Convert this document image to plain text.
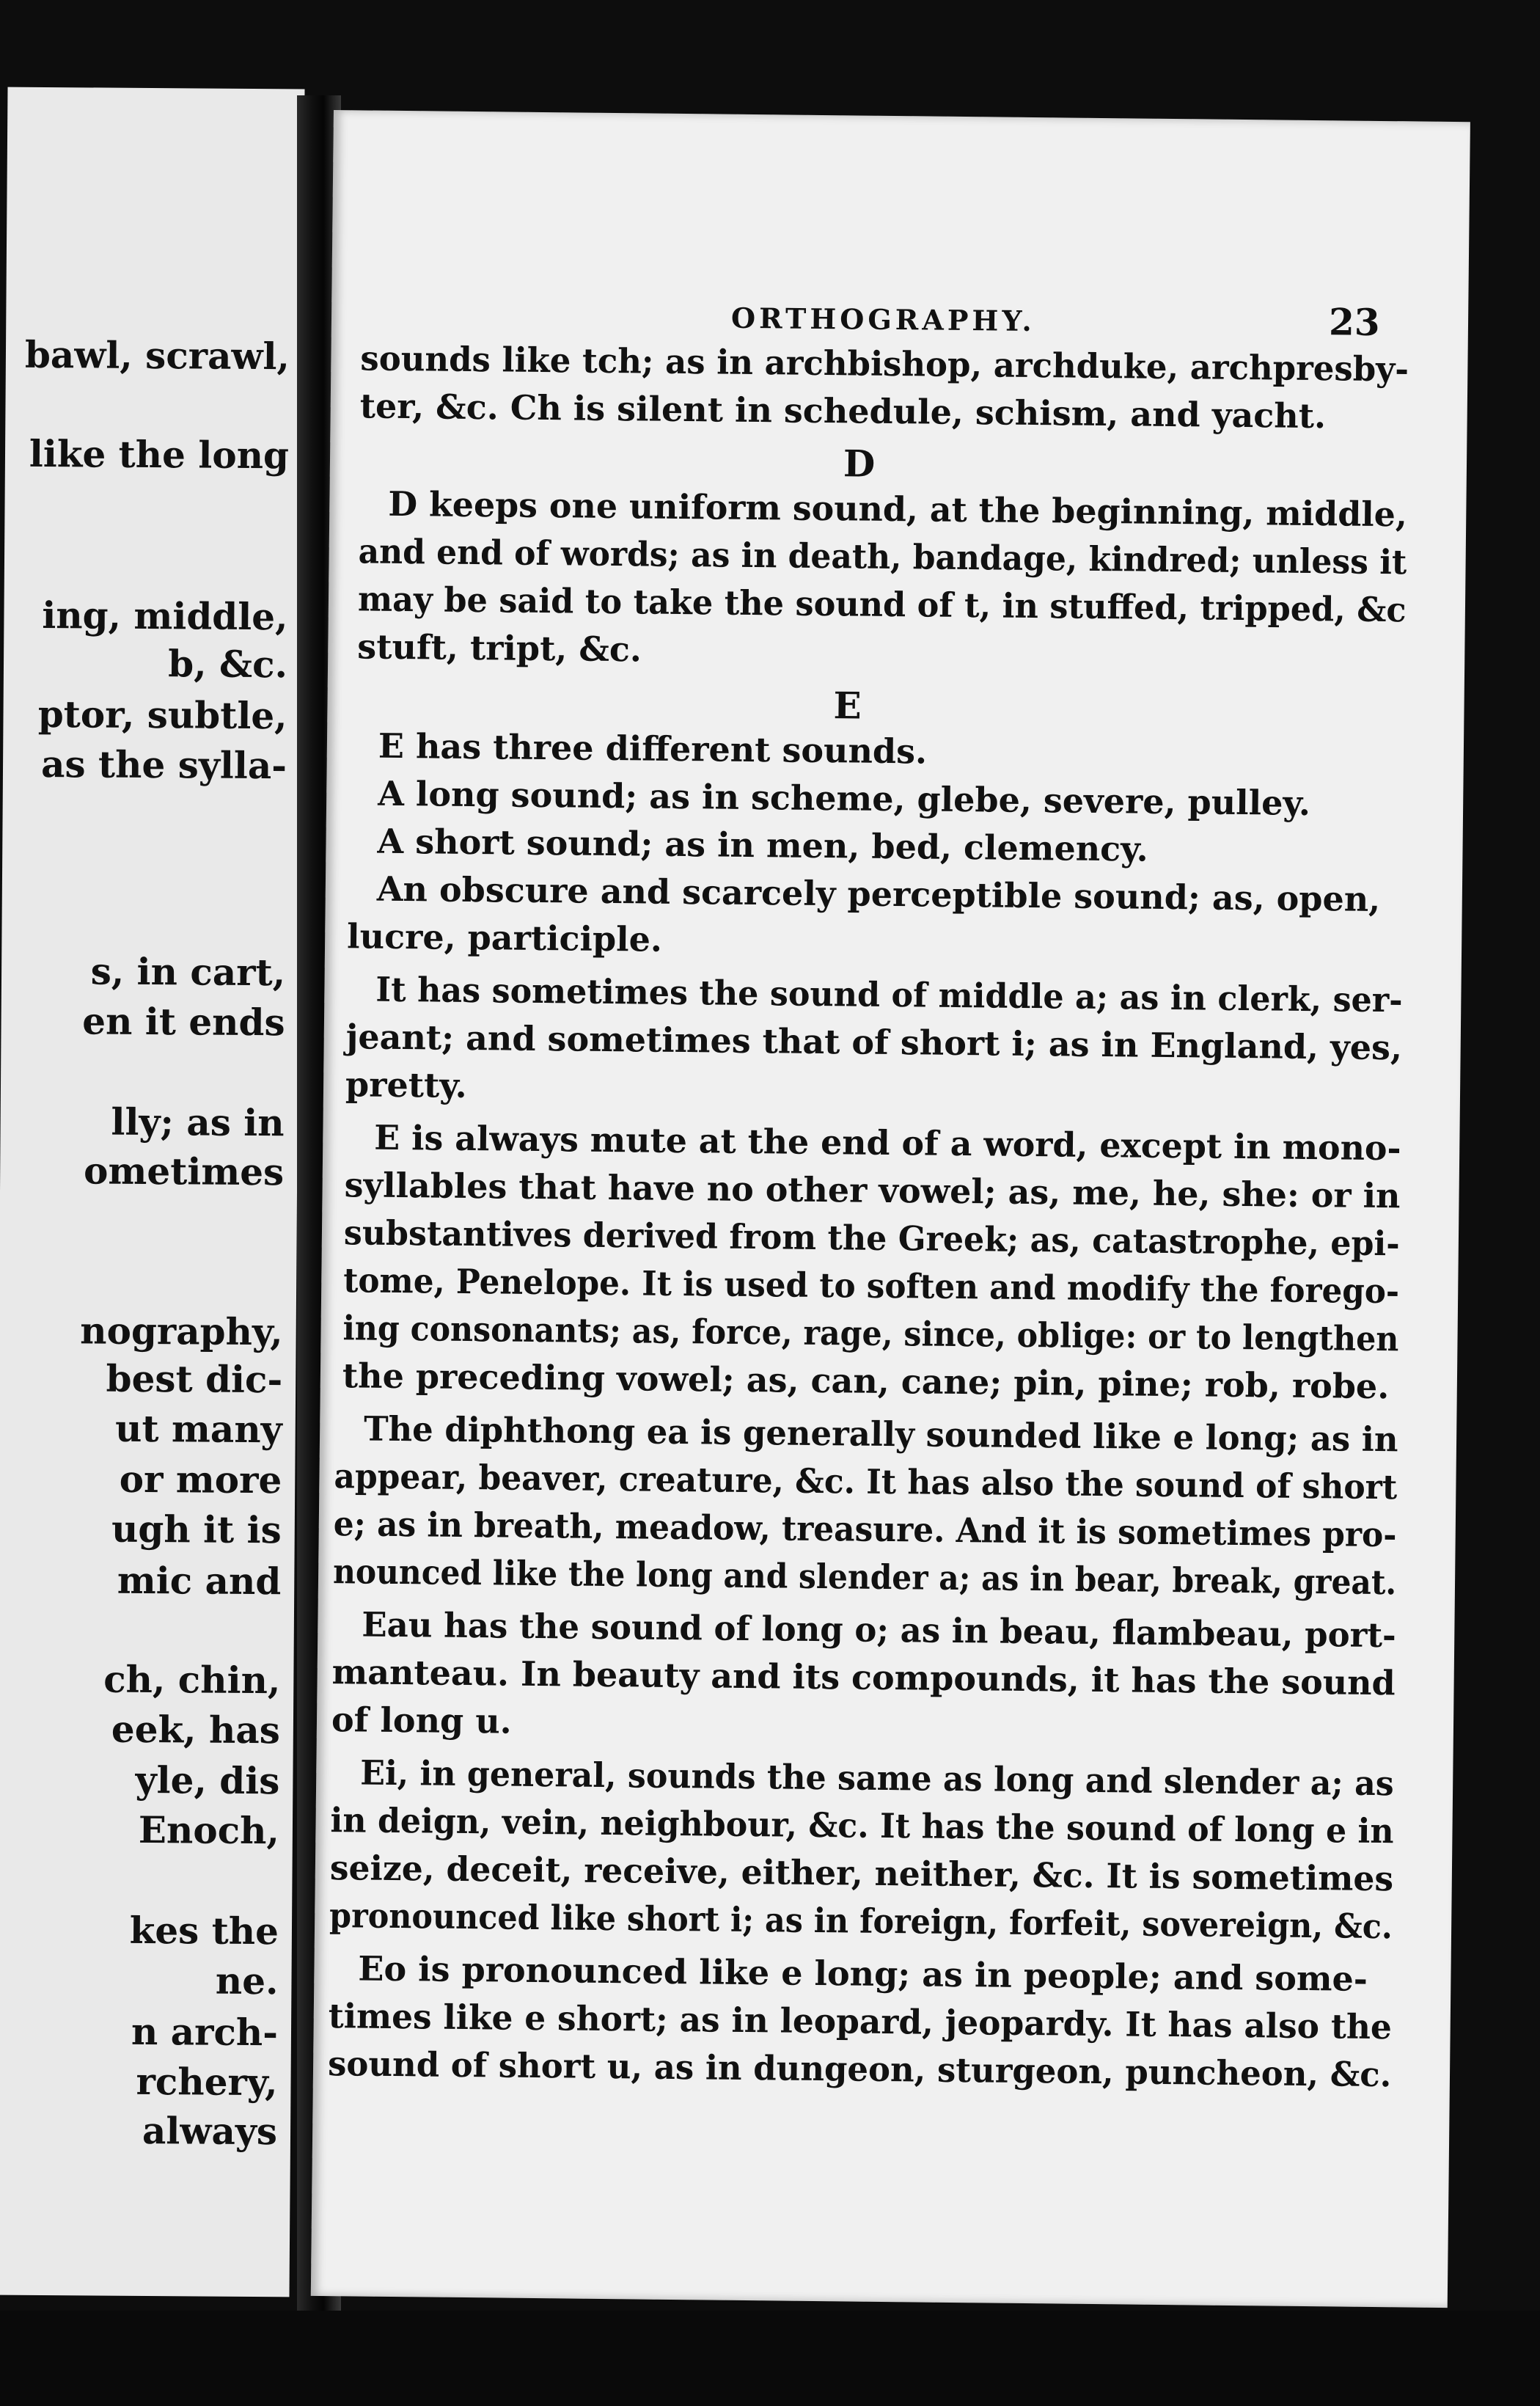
bawl, scrawl,
like the long
ing, middle,
b, &c.
ptor, subtle,
as the sylla-
s, in cart,
en it ends
lly; as in
ometimes
nography,
best dic-
ut many
or more
ugh it is
mic and
ch, chin,
eek, has
yle, dis
Enoch,
kes the
ne.
n arch-
rchery,
always
ORTHOGRAPHY.	23
sounds like tch; as in archbishop, archduke, archpresby-
ter, &c. Ch is silent in schedule, schism, and yacht.
D
D keeps one uniform sound, at the beginning, middle,
and end of words; as in death, bandage, kindred; unless it
may be said to take the sound of t, in stuffed, tripped, &c
stuft, tript, &c.
E
E has three different sounds.
A long sound; as in scheme, glebe, severe, pulley.
A short sound; as in men, bed, clemency.
An obscure and scarcely perceptible sound; as, open,
lucre, participle.
It has sometimes the sound of middle a; as in clerk, ser-
jeant; and sometimes that of short i; as in England, yes,
pretty.
E is always mute at the end of a word, except in mono-
syllables that have no other vowel; as, me, he, she: or in
substantives derived from the Greek; as, catastrophe, epi-
tome, Penelope. It is used to soften and modify the forego-
ing consonants; as, force, rage, since, oblige: or to lengthen
the preceding vowel; as, can, cane; pin, pine; rob, robe.
The diphthong ea is generally sounded like e long; as in
appear, beaver, creature, &c. It has also the sound of short
e; as in breath, meadow, treasure. And it is sometimes pro-
nounced like the long and slender a; as in bear, break, great.
Eau has the sound of long o; as in beau, flambeau, port-
manteau. In beauty and its compounds, it has the sound
of long u.
Ei, in general, sounds the same as long and slender a; as
in deign, vein, neighbour, &c. It has the sound of long e in
seize, deceit, receive, either, neither, &c. It is sometimes
pronounced like short i; as in foreign, forfeit, sovereign, &c.
Eo is pronounced like e long; as in people; and some-
times like e short; as in leopard, jeopardy. It has also the
sound of short u, as in dungeon, sturgeon, puncheon, &c.
